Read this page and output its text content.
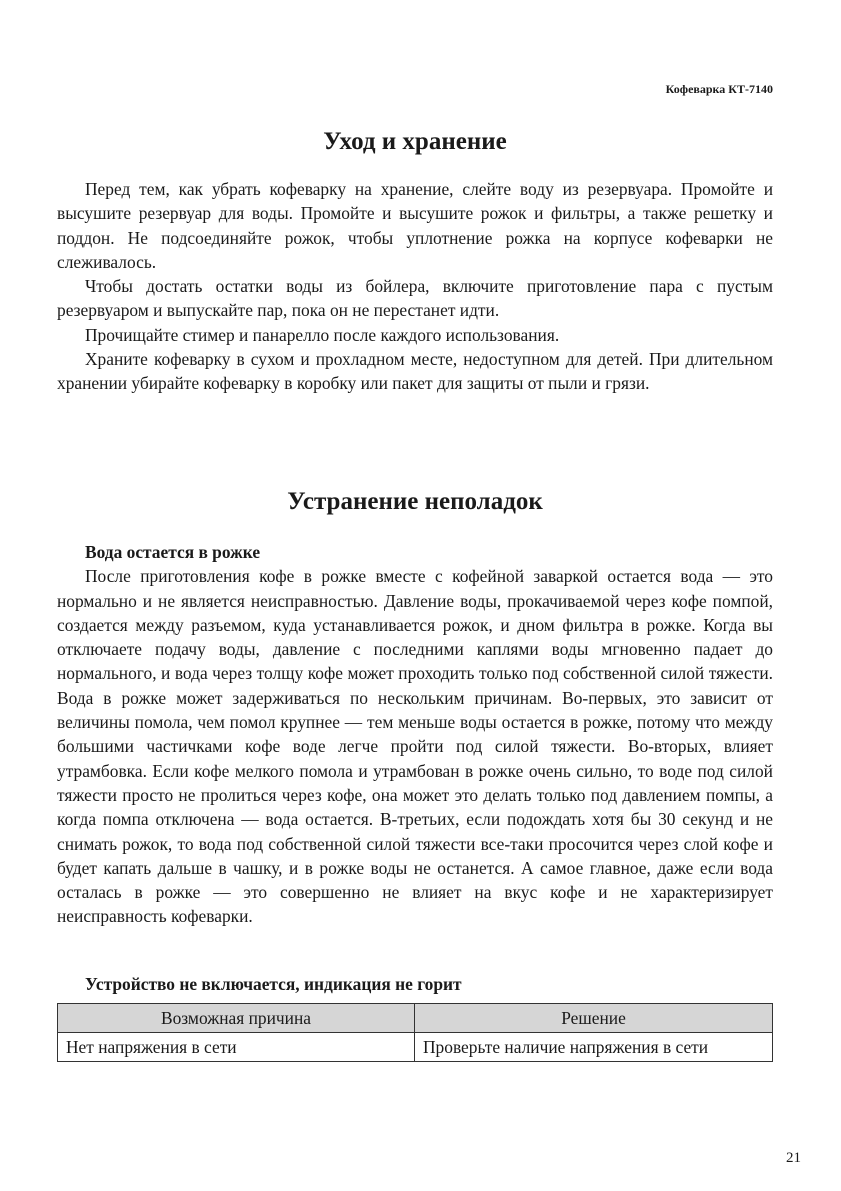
Кофеварка КТ-7140
Уход и хранение

Перед тем, как убрать кофеварку на хранение, слейте воду из резервуара. Промойте и высушите резервуар для воды. Промойте и высушите рожок и фильтры, а также решетку и поддон. Не подсоединяйте рожок, чтобы уплотнение рожка на корпусе кофеварки не слеживалось.

Чтобы достать остатки воды из бойлера, включите приготовление пара с пустым резервуаром и выпускайте пар, пока он не перестанет идти.

Прочищайте стимер и панарелло после каждого использования.

Храните кофеварку в сухом и прохладном месте, недоступном для детей. При длительном хранении убирайте кофеварку в коробку или пакет для защиты от пыли и грязи.

Устранение неполадок
Вода остается в рожке

После приготовления кофе в рожке вместе с кофейной заваркой остается вода — это нормально и не является неисправностью. Давление воды, прокачиваемой через кофе помпой, создается между разъемом, куда устанавливается рожок, и дном фильтра в рожке. Когда вы отключаете подачу воды, давление с последними каплями воды мгновенно падает до нормального, и вода через толщу кофе может проходить только под собственной силой тяжести. Вода в рожке может задерживаться по нескольким причинам. Во-первых, это зависит от величины помола, чем помол крупнее — тем меньше воды остается в рожке, потому что между большими частичками кофе воде легче пройти под силой тяжести. Во-вторых, влияет утрамбовка. Если кофе мелкого помола и утрамбован в рожке очень сильно, то воде под силой тяжести просто не пролиться через кофе, она может это делать только под давлением помпы, а когда помпа отключена — вода остается. В-третьих, если подождать хотя бы 30 секунд и не снимать рожок, то вода под собственной силой тяжести все-таки просочится через слой кофе и будет капать дальше в чашку, и в рожке воды не останется. А самое главное, даже если вода осталась в рожке — это совершенно не влияет на вкус кофе и не характеризирует неисправность кофеварки.

Устройство не включается, индикация не горит
Возможная причина	Решение
Нет напряжения в сети	Проверьте наличие напряжения в сети
21
